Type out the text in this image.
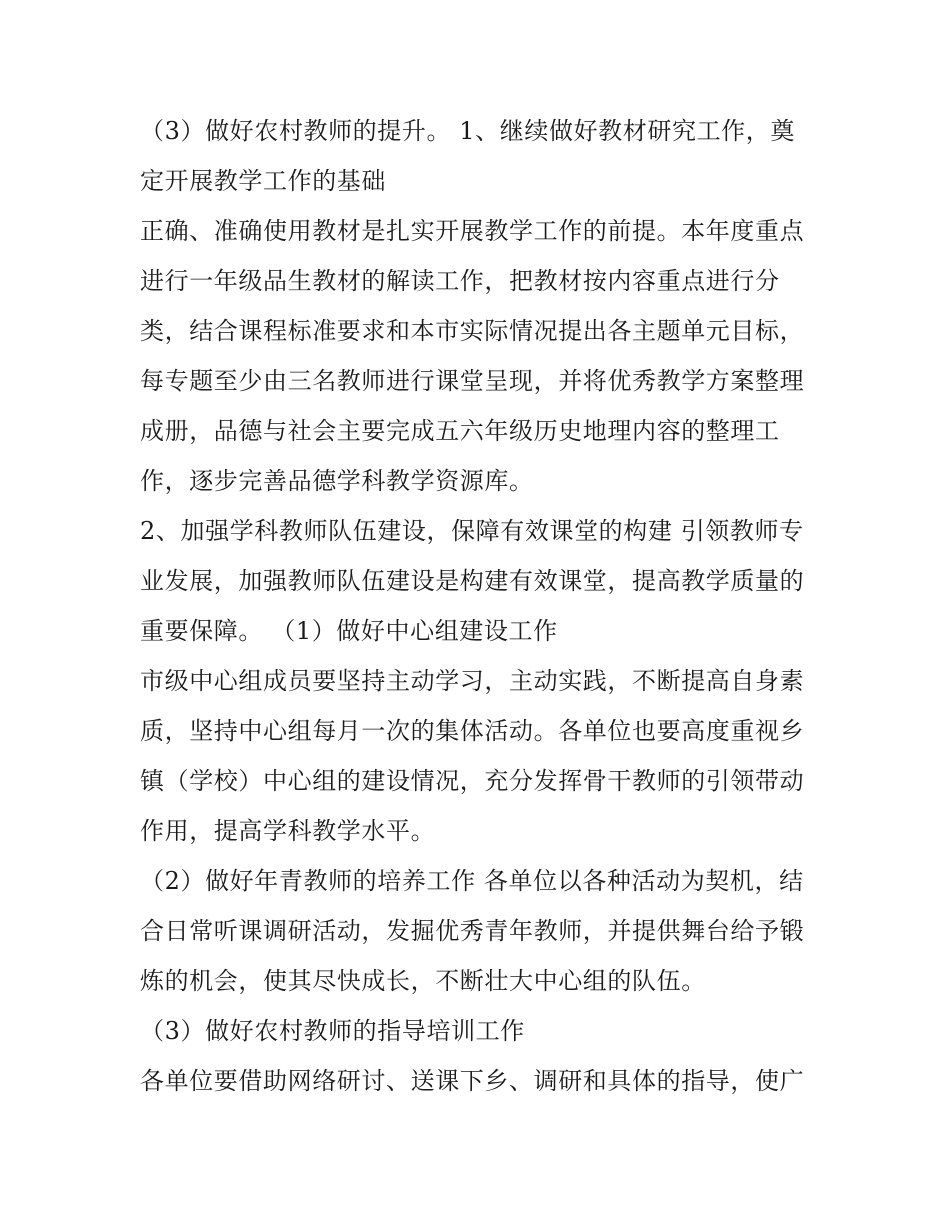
（3）做好农村教师的提升。 1、继续做好教材研究工作，奠
定开展教学工作的基础
正确、准确使用教材是扎实开展教学工作的前提。本年度重点
进行一年级品生教材的解读工作，把教材按内容重点进行分
类，结合课程标准要求和本市实际情况提出各主题单元目标，
每专题至少由三名教师进行课堂呈现，并将优秀教学方案整理
成册，品德与社会主要完成五六年级历史地理内容的整理工
作，逐步完善品德学科教学资源库。
2、加强学科教师队伍建设，保障有效课堂的构建 引领教师专
业发展，加强教师队伍建设是构建有效课堂，提高教学质量的
重要保障。 （1）做好中心组建设工作
市级中心组成员要坚持主动学习，主动实践，不断提高自身素
质，坚持中心组每月一次的集体活动。各单位也要高度重视乡
镇（学校）中心组的建设情况，充分发挥骨干教师的引领带动
作用，提高学科教学水平。
（2）做好年青教师的培养工作 各单位以各种活动为契机，结
合日常听课调研活动，发掘优秀青年教师，并提供舞台给予锻
炼的机会，使其尽快成长，不断壮大中心组的队伍。
（3）做好农村教师的指导培训工作
各单位要借助网络研讨、送课下乡、调研和具体的指导，使广
